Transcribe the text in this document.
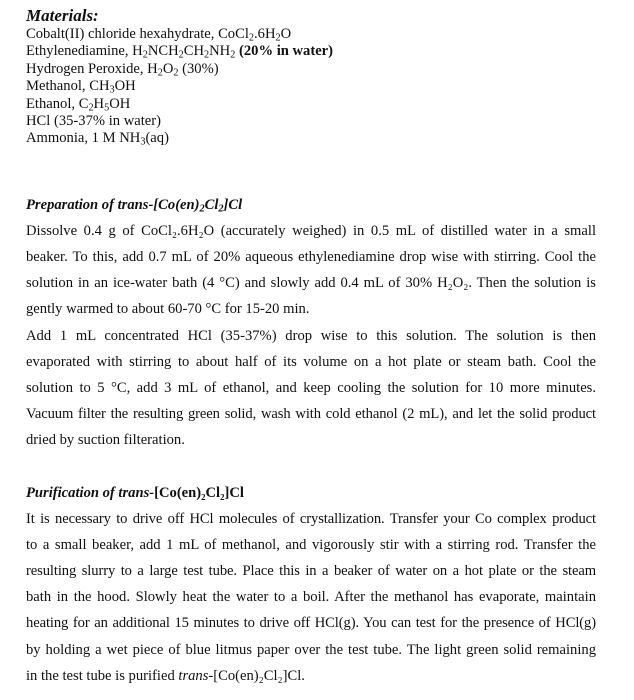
Materials:
Cobalt(II) chloride hexahydrate, $CoCl_2.6H_2O$
Ethylenediamine, $H_2NCH_2CH_2NH_2$ (20% in water)
Hydrogen Peroxide, $H_2O_2$ (30%)
Methanol, $CH_3OH$
Ethanol, $C_2H_5OH$
HCl (35-37% in water)
Ammonia, 1 M $NH_3(aq)$
Preparation of trans-$[Co(en)_2Cl_2]Cl$
Dissolve 0.4 g of CoCl₂.6H₂O (accurately weighed) in 0.5 mL of distilled water in a small
beaker. To this, add 0.7 mL of 20% aqueous ethylenediamine drop wise with stirring. Cool the
solution in an ice-water bath (4 °C) and slowly add 0.4 mL of 30% H₂O₂. Then the solution is
gently warmed to about 60-70 °C for 15-20 min.
Add 1 mL concentrated HCl (35-37%) drop wise to this solution. The solution is then
evaporated with stirring to about half of its volume on a hot plate or steam bath. Cool the
solution to 5 °C, add 3 mL of ethanol, and keep cooling the solution for 10 more minutes.
Vacuum filter the resulting green solid, wash with cold ethanol (2 mL), and let the solid product
dried by suction filteration.
Purification of trans-[Co(en)₂Cl₂]Cl
It is necessary to drive off HCl molecules of crystallization. Transfer your Co complex product
to a small beaker, add 1 mL of methanol, and vigorously stir with a stirring rod. Transfer the
resulting slurry to a large test tube. Place this in a beaker of water on a hot plate or the steam
bath in the hood. Slowly heat the water to a boil. After the methanol has evaporate, maintain
heating for an additional 15 minutes to drive off HCl(g). You can test for the presence of HCl(g)
by holding a wet piece of blue litmus paper over the test tube. The light green solid remaining
in the test tube is purified trans-[Co(en)₂Cl₂]Cl.
